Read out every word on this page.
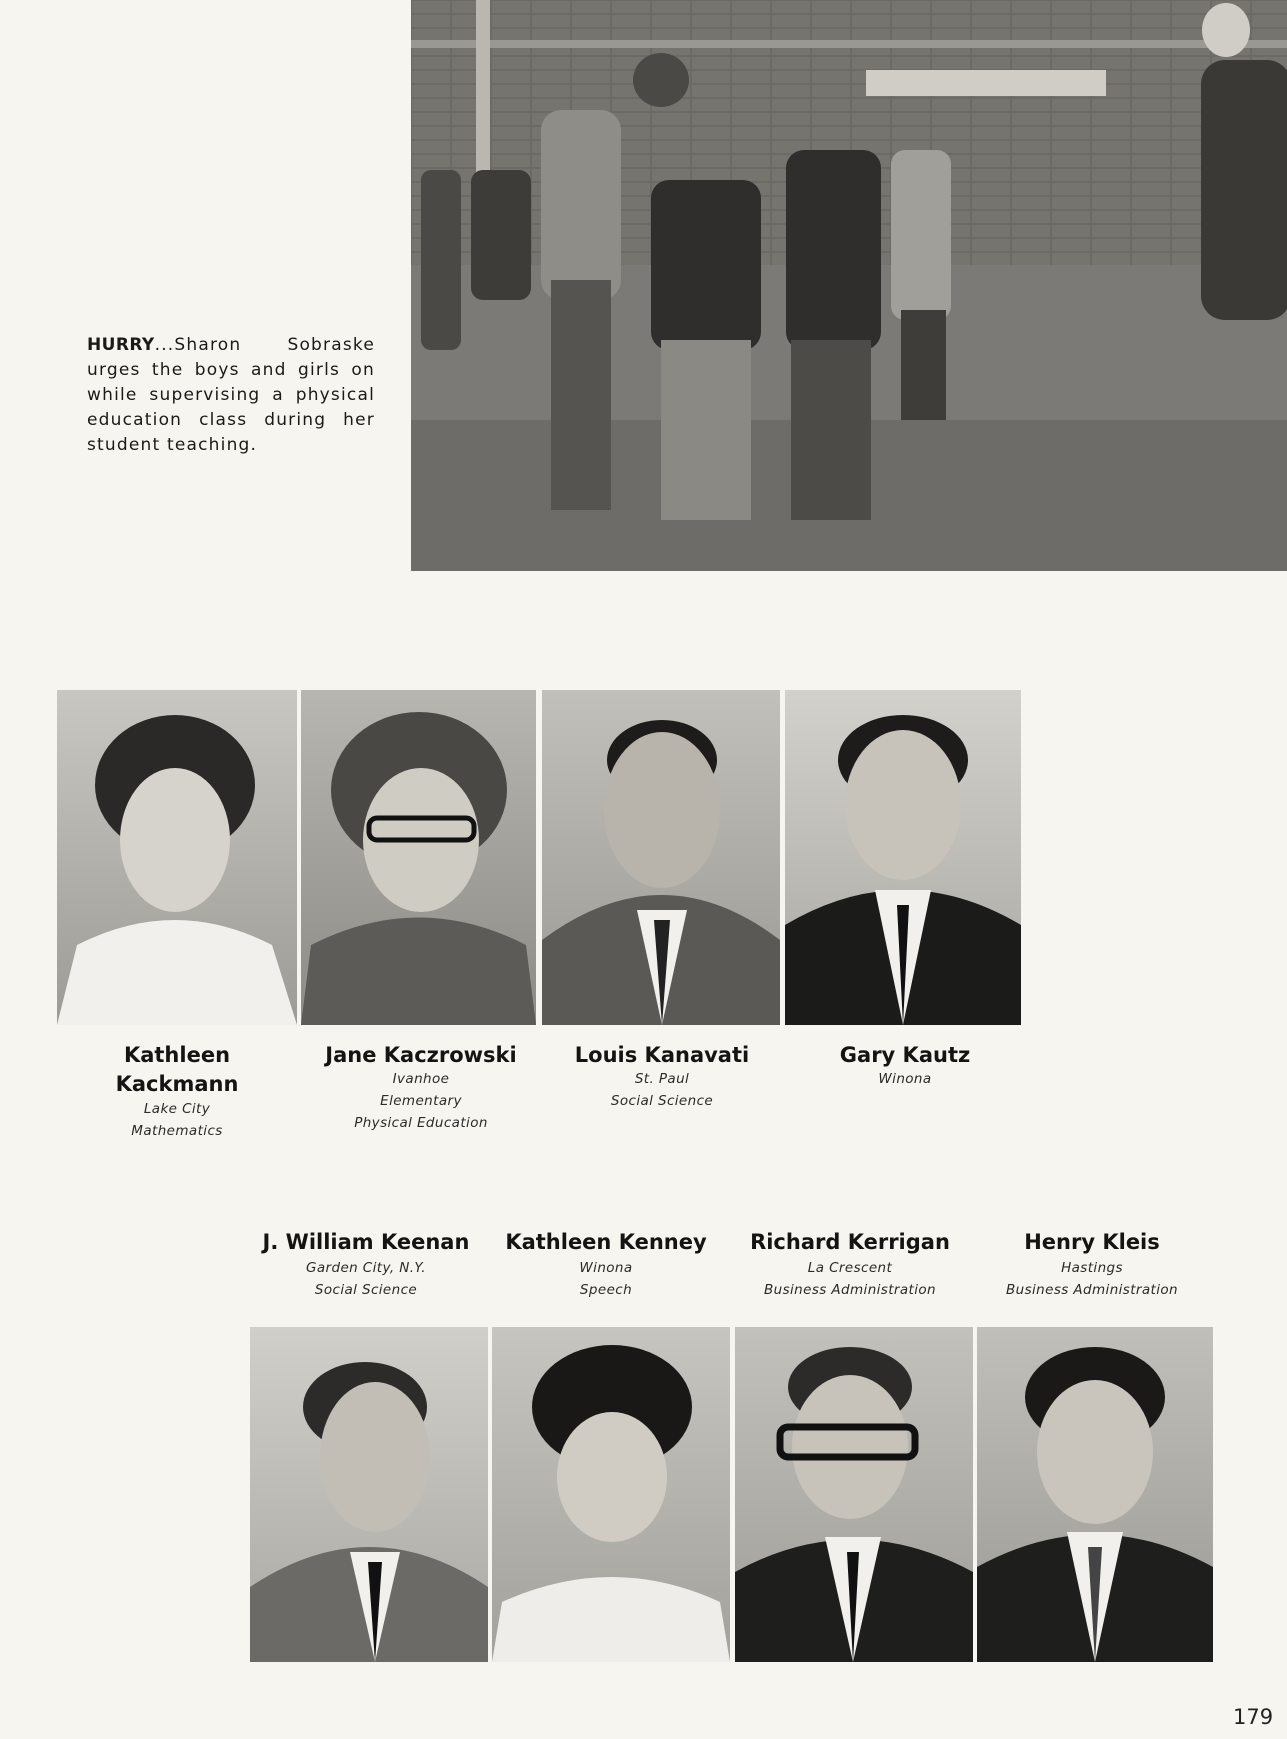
HURRY...Sharon Sobraske urges the boys and girls on while supervising a physical education class during her student teaching.
Kathleen Kackmann
Lake City
Mathematics
Jane Kaczrowski
Ivanhoe
Elementary
Physical Education
Louis Kanavati
St. Paul
Social Science
Gary Kautz
Winona
J. William Keenan
Garden City, N.Y.
Social Science
Kathleen Kenney
Winona
Speech
Richard Kerrigan
La Crescent
Business Administration
Henry Kleis
Hastings
Business Administration
179
